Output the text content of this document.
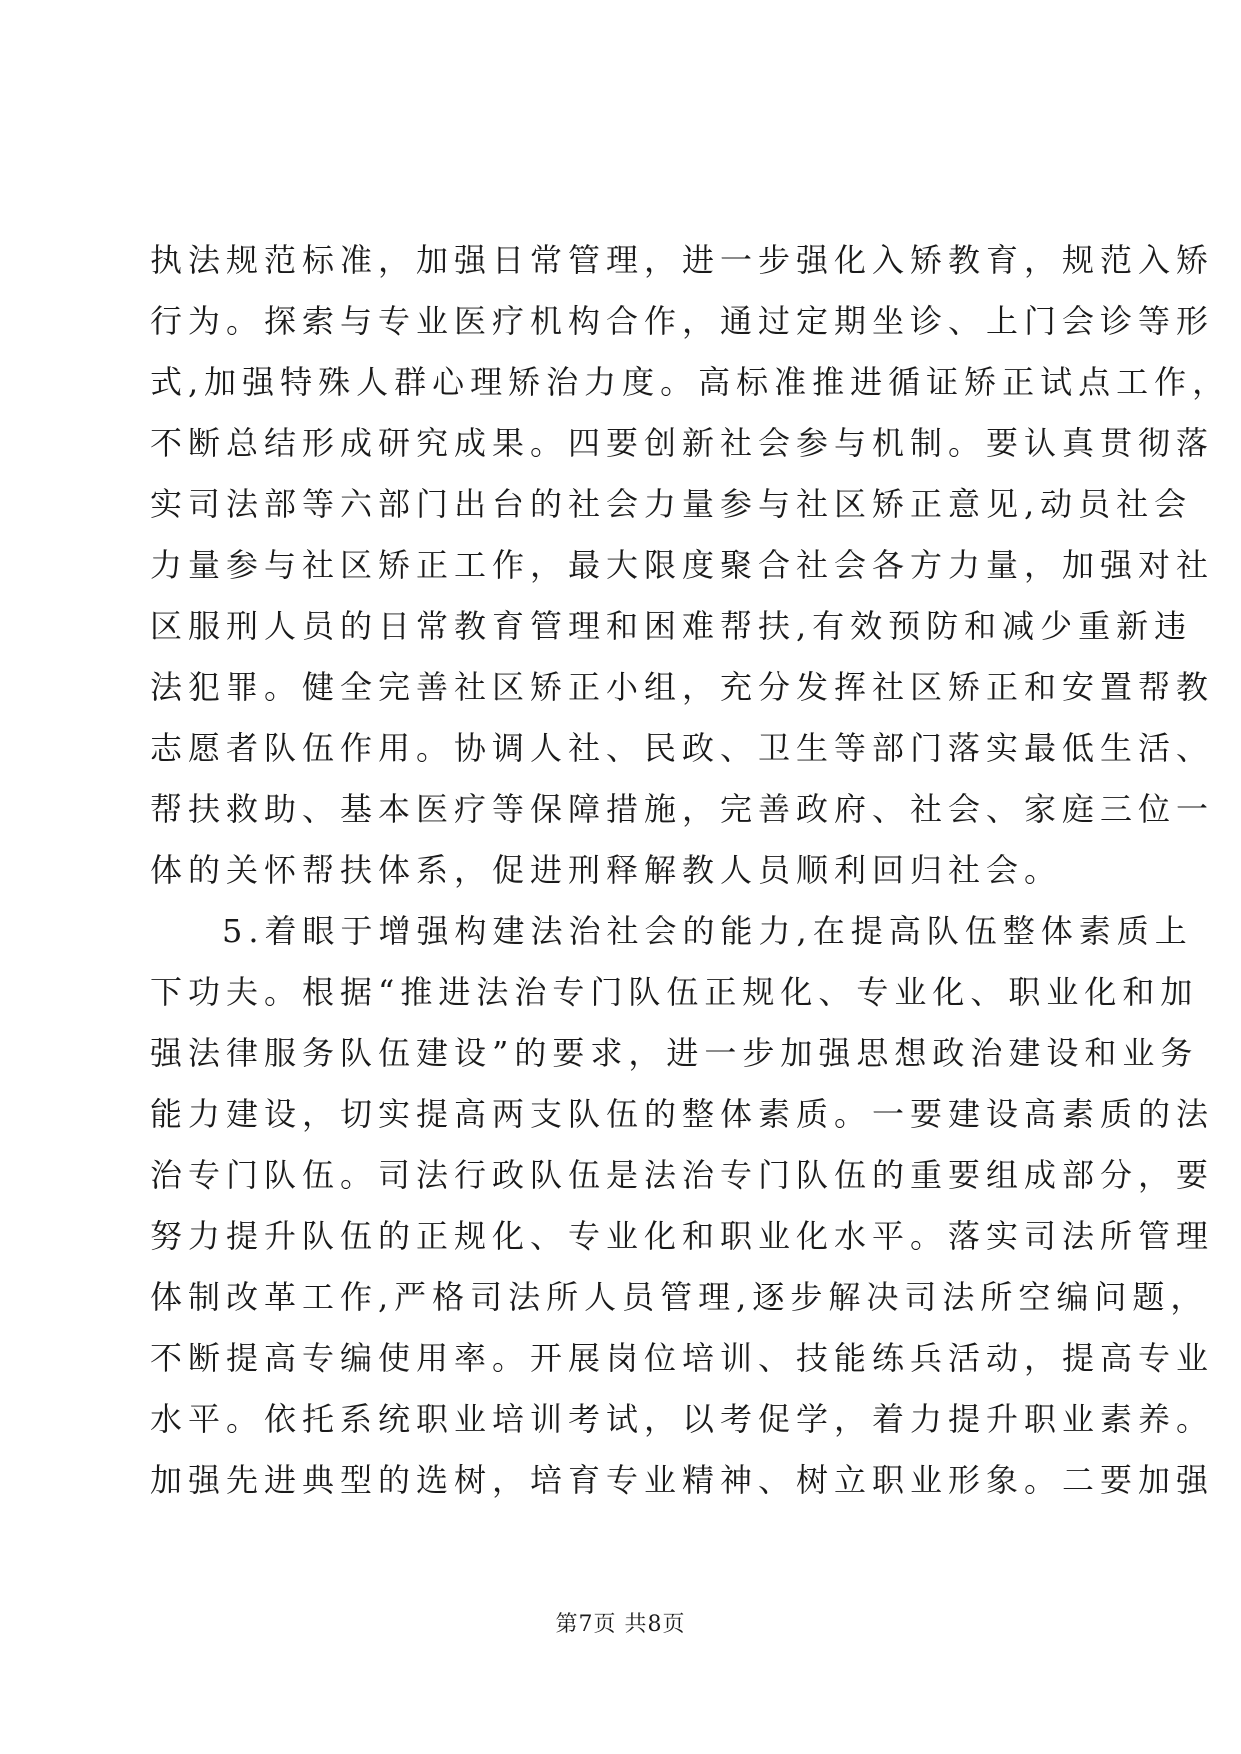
执法规范标准，加强日常管理，进一步强化入矫教育，规范入矫
行为。探索与专业医疗机构合作，通过定期坐诊、上门会诊等形
式,加强特殊人群心理矫治力度。高标准推进循证矫正试点工作，
不断总结形成研究成果。四要创新社会参与机制。要认真贯彻落
实司法部等六部门出台的社会力量参与社区矫正意见,动员社会
力量参与社区矫正工作，最大限度聚合社会各方力量，加强对社
区服刑人员的日常教育管理和困难帮扶,有效预防和减少重新违
法犯罪。健全完善社区矫正小组，充分发挥社区矫正和安置帮教
志愿者队伍作用。协调人社、民政、卫生等部门落实最低生活、
帮扶救助、基本医疗等保障措施，完善政府、社会、家庭三位一
体的关怀帮扶体系，促进刑释解教人员顺利回归社会。
5.着眼于增强构建法治社会的能力,在提高队伍整体素质上
下功夫。根据“推进法治专门队伍正规化、专业化、职业化和加
强法律服务队伍建设”的要求，进一步加强思想政治建设和业务
能力建设，切实提高两支队伍的整体素质。一要建设高素质的法
治专门队伍。司法行政队伍是法治专门队伍的重要组成部分，要
努力提升队伍的正规化、专业化和职业化水平。落实司法所管理
体制改革工作,严格司法所人员管理,逐步解决司法所空编问题，
不断提高专编使用率。开展岗位培训、技能练兵活动，提高专业
水平。依托系统职业培训考试，以考促学，着力提升职业素养。
加强先进典型的选树，培育专业精神、树立职业形象。二要加强
第7页 共8页
